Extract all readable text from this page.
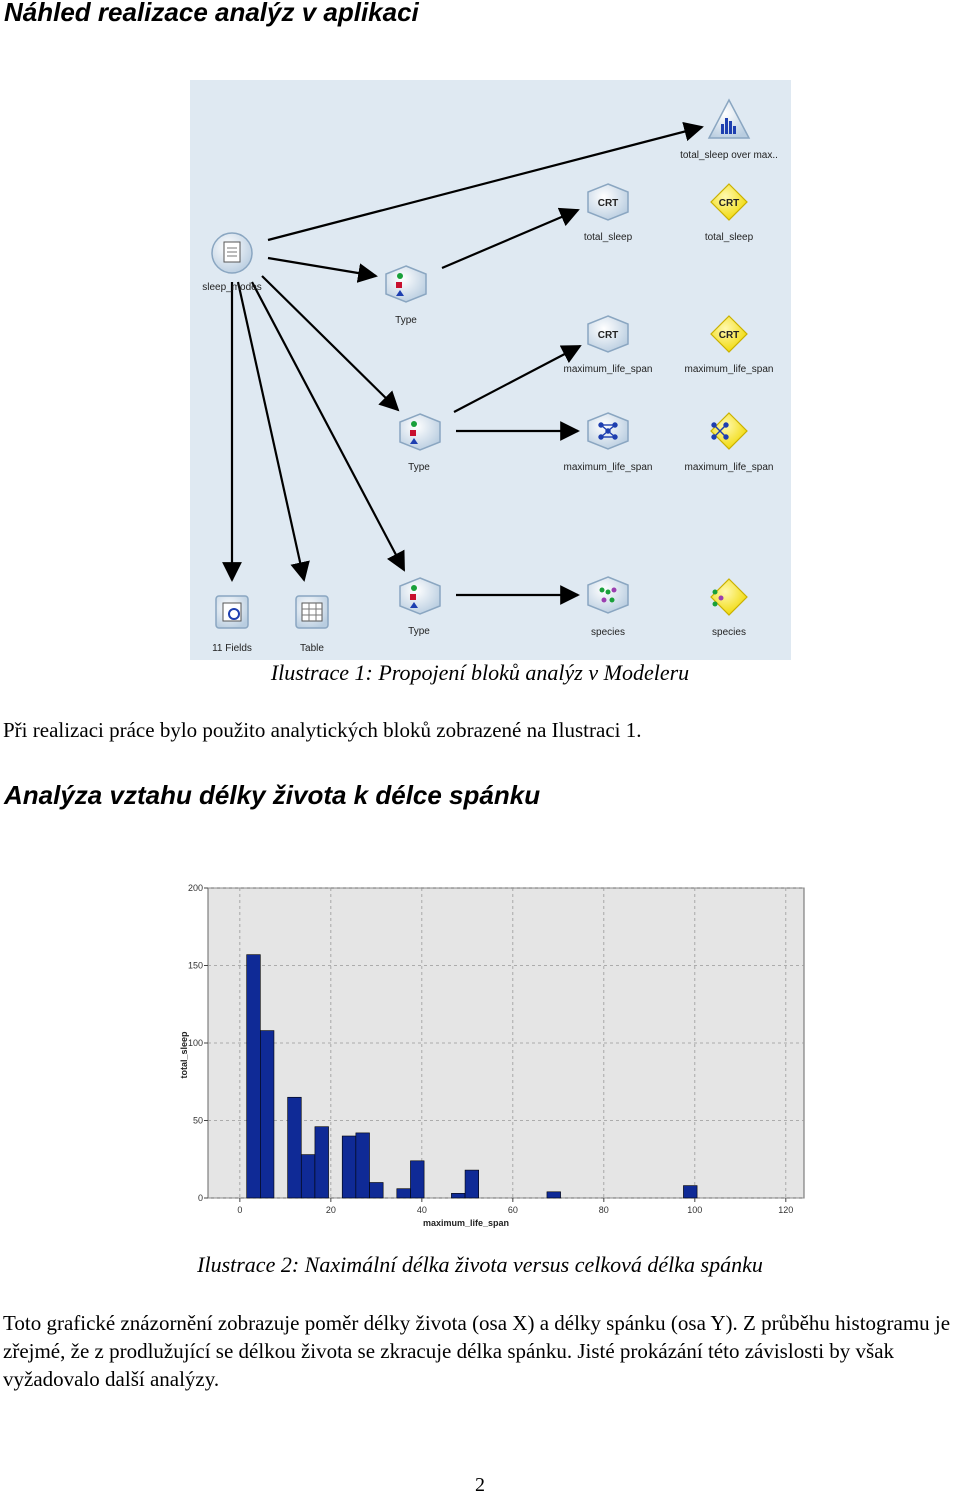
Náhled realizace analýz v aplikaci
sleep_modes
Type
Type
Type
11 Fields	Table
total_sleep over max..
CRT
total_sleep
CRT
total_sleep
CRT
maximum_life_span
CRT
maximum_life_span
maximum_life_span	maximum_life_span
species	species
Ilustrace 1: Propojení bloků analýz v Modeleru

Při realizaci práce bylo použito analytických bloků zobrazené na Ilustraci 1.

Analýza vztahu délky života k délce spánku
0
50
100
150
200
0	20	40	60	80	100	120
maximum_life_span
total_sleep
Ilustrace 2: Naximální délka života versus celková délka spánku

Toto grafické znázornění zobrazuje poměr délky života (osa X) a délky spánku (osa Y). Z průběhu histogramu je zřejmé, že z prodlužující se délkou života se zkracuje délka spánku. Jisté prokázání této závislosti by však vyžadovalo další analýzy.

2
